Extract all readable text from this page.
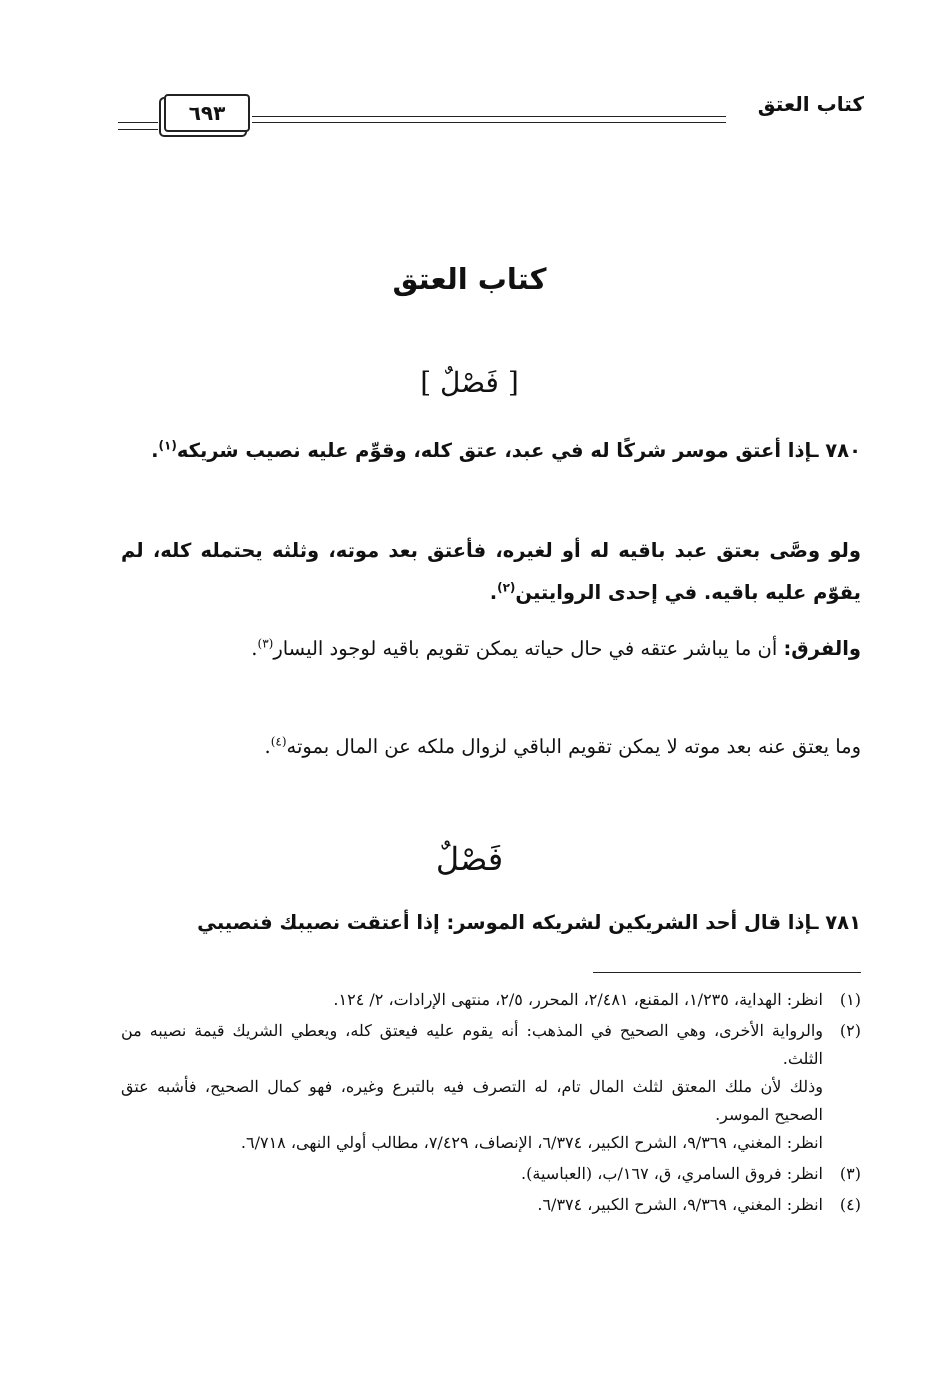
كتاب العتق
٦٩٣
كتاب العتق
[ فَصْلٌ ]
٧٨٠ ـإذا أعتق موسر شركًا له في عبد، عتق كله، وقوِّم عليه نصيب شريكه$^{(١)}$.
ولو وصَّى بعتق عبد باقيه له أو لغيره، فأعتق بعد موته، وثلثه يحتمله كله، لم يقوّم عليه باقيه. في إحدى الروايتين$^{(٢)}$.
والفرق: أن ما يباشر عتقه في حال حياته يمكن تقويم باقيه لوجود اليسار$^{(٣)}$.
وما يعتق عنه بعد موته لا يمكن تقويم الباقي لزوال ملكه عن المال بموته$^{(٤)}$.
فَصْلٌ
٧٨١ ـإذا قال أحد الشريكين لشريكه الموسر: إذا أعتقت نصيبك فنصيبي
(١)

انظر: الهداية، ١/٢٣٥، المقنع، ٢/٤٨١، المحرر، ٢/٥، منتهى الإرادات، ٢/ ١٢٤.

(٢)

والرواية الأخرى، وهي الصحيح في المذهب: أنه يقوم عليه فيعتق كله، ويعطي الشريك قيمة نصيبه من الثلث.

وذلك لأن ملك المعتق لثلث المال تام، له التصرف فيه بالتبرع وغيره، فهو كمال الصحيح، فأشبه عتق الصحيح الموسر.

انظر: المغني، ٩/٣٦٩، الشرح الكبير، ٦/٣٧٤، الإنصاف، ٧/٤٢٩، مطالب أولي النهى، ٦/٧١٨.

(٣)

انظر: فروق السامري، ق، ١٦٧/ب، (العباسية).

(٤)

انظر: المغني، ٩/٣٦٩، الشرح الكبير، ٦/٣٧٤.
